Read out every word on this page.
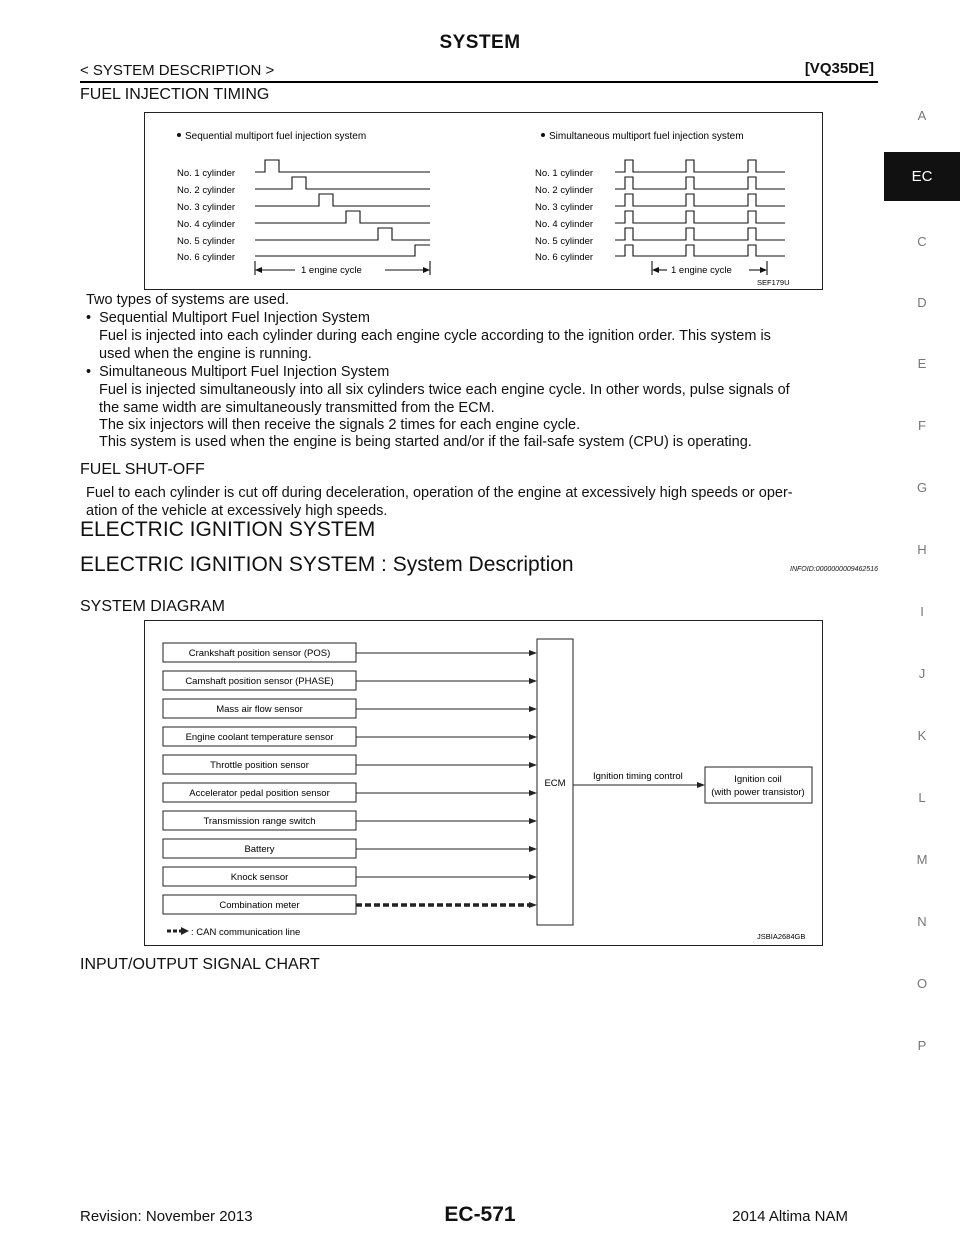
SYSTEM
< SYSTEM DESCRIPTION >	[VQ35DE]
A
EC
C
D
E
F
G
H
I
J
K
L
M
N
O
P
FUEL INJECTION TIMING
Sequential multiport fuel injection system	Simultaneous multiport fuel injection system
No. 1 cylinder
No. 2 cylinder
No. 3 cylinder
No. 4 cylinder
No. 5 cylinder
No. 6 cylinder
1 engine cycle
No. 1 cylinder
No. 2 cylinder
No. 3 cylinder
No. 4 cylinder
No. 5 cylinder
No. 6 cylinder
1 engine cycle
SEF179U
Two types of systems are used.
•  Sequential Multiport Fuel Injection System
Fuel is injected into each cylinder during each engine cycle according to the ignition order. This system is
used when the engine is running.
•  Simultaneous Multiport Fuel Injection System
Fuel is injected simultaneously into all six cylinders twice each engine cycle. In other words, pulse signals of
the same width are simultaneously transmitted from the ECM.
The six injectors will then receive the signals 2 times for each engine cycle.
This system is used when the engine is being started and/or if the fail-safe system (CPU) is operating.
FUEL SHUT-OFF
Fuel to each cylinder is cut off during deceleration, operation of the engine at excessively high speeds or oper-
ation of the vehicle at excessively high speeds.
ELECTRIC IGNITION SYSTEM
ELECTRIC IGNITION SYSTEM : System Description	INFOID:0000000009462516
SYSTEM DIAGRAM
Crankshaft position sensor (POS)
Camshaft position sensor (PHASE)
Mass air flow sensor
Engine coolant temperature sensor
Throttle position sensor
Accelerator pedal position sensor
Transmission range switch
Battery
Knock sensor
Combination meter
ECM
Ignition timing control	Ignition coil
(with power transistor)
: CAN communication line	JSBIA2684GB
INPUT/OUTPUT SIGNAL CHART
Revision: November 2013	EC-571	2014 Altima NAM
